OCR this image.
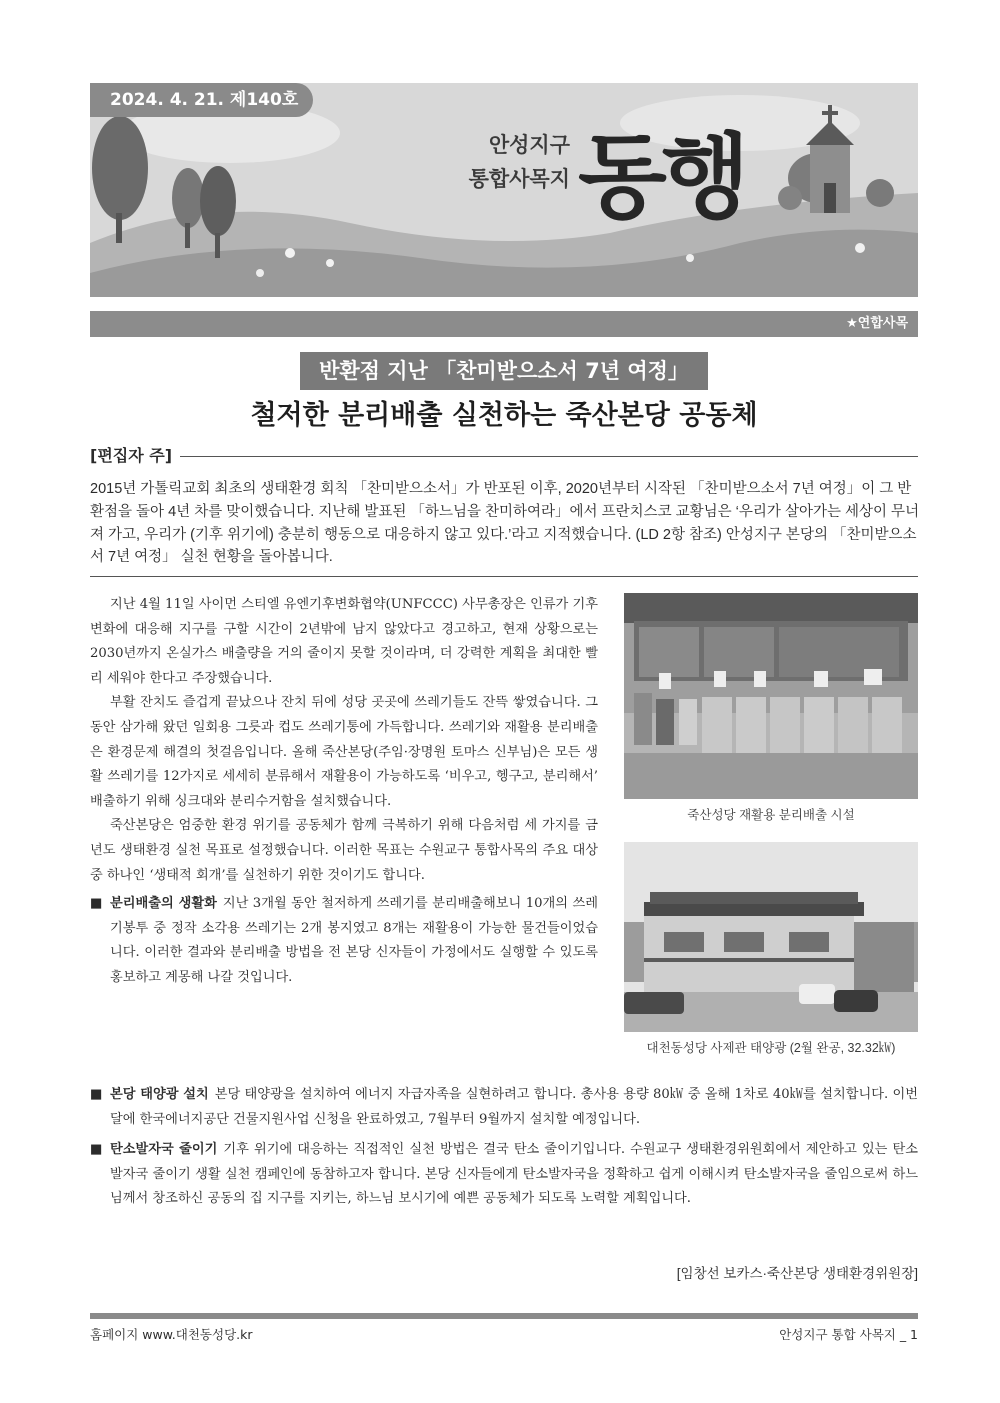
2024. 4. 21. 제140호
안성지구
통합사목지 동행
★연합사목
반환점 지난 「찬미받으소서 7년 여정」
철저한 분리배출 실천하는 죽산본당 공동체
[편집자 주]
2015년 가톨릭교회 최초의 생태환경 회칙 「찬미받으소서」가 반포된 이후, 2020년부터 시작된 「찬미받으소서 7년 여정」이 그 반환점을 돌아 4년 차를 맞이했습니다. 지난해 발표된 「하느님을 찬미하여라」에서 프란치스코 교황님은 ‘우리가 살아가는 세상이 무너져 가고, 우리가 (기후 위기에) 충분히 행동으로 대응하지 않고 있다.’라고 지적했습니다. (LD 2항 참조) 안성지구 본당의 「찬미받으소서 7년 여정」 실천 현황을 돌아봅니다.

지난 4월 11일 사이먼 스티엘 유엔기후변화협약(UNFCCC) 사무총장은 인류가 기후 변화에 대응해 지구를 구할 시간이 2년밖에 남지 않았다고 경고하고, 현재 상황으로는 2030년까지 온실가스 배출량을 거의 줄이지 못할 것이라며, 더 강력한 계획을 최대한 빨리 세워야 한다고 주장했습니다.

부활 잔치도 즐겁게 끝났으나 잔치 뒤에 성당 곳곳에 쓰레기들도 잔뜩 쌓였습니다. 그동안 삼가해 왔던 일회용 그릇과 컵도 쓰레기통에 가득합니다. 쓰레기와 재활용 분리배출은 환경문제 해결의 첫걸음입니다. 올해 죽산본당(주임·장명원 토마스 신부님)은 모든 생활 쓰레기를 12가지로 세세히 분류해서 재활용이 가능하도록 ‘비우고, 헹구고, 분리해서’ 배출하기 위해 싱크대와 분리수거함을 설치했습니다.

죽산본당은 엄중한 환경 위기를 공동체가 함께 극복하기 위해 다음처럼 세 가지를 금년도 생태환경 실천 목표로 설정했습니다. 이러한 목표는 수원교구 통합사목의 주요 대상 중 하나인 ‘생태적 회개’를 실천하기 위한 것이기도 합니다.

■ 분리배출의 생활화 지난 3개월 동안 철저하게 쓰레기를 분리배출해보니 10개의 쓰레기봉투 중 정작 소각용 쓰레기는 2개 봉지였고 8개는 재활용이 가능한 물건들이었습니다. 이러한 결과와 분리배출 방법을 전 본당 신자들이 가정에서도 실행할 수 있도록 홍보하고 계몽해 나갈 것입니다.
죽산성당 재활용 분리배출 시설
대천동성당 사제관 태양광 (2월 완공, 32.32㎾)
■ 본당 태양광 설치 본당 태양광을 설치하여 에너지 자급자족을 실현하려고 합니다. 총사용 용량 80㎾ 중 올해 1차로 40㎾를 설치합니다. 이번 달에 한국에너지공단 건물지원사업 신청을 완료하였고, 7월부터 9월까지 설치할 예정입니다.
■ 탄소발자국 줄이기 기후 위기에 대응하는 직접적인 실천 방법은 결국 탄소 줄이기입니다. 수원교구 생태환경위원회에서 제안하고 있는 탄소발자국 줄이기 생활 실천 캠페인에 동참하고자 합니다. 본당 신자들에게 탄소발자국을 정확하고 쉽게 이해시켜 탄소발자국을 줄임으로써 하느님께서 창조하신 공동의 집 지구를 지키는, 하느님 보시기에 예쁜 공동체가 되도록 노력할 계획입니다.
[임창선 보카스·죽산본당 생태환경위원장]
홈페이지 www.대천동성당.kr	안성지구 통합 사목지 _ 1
